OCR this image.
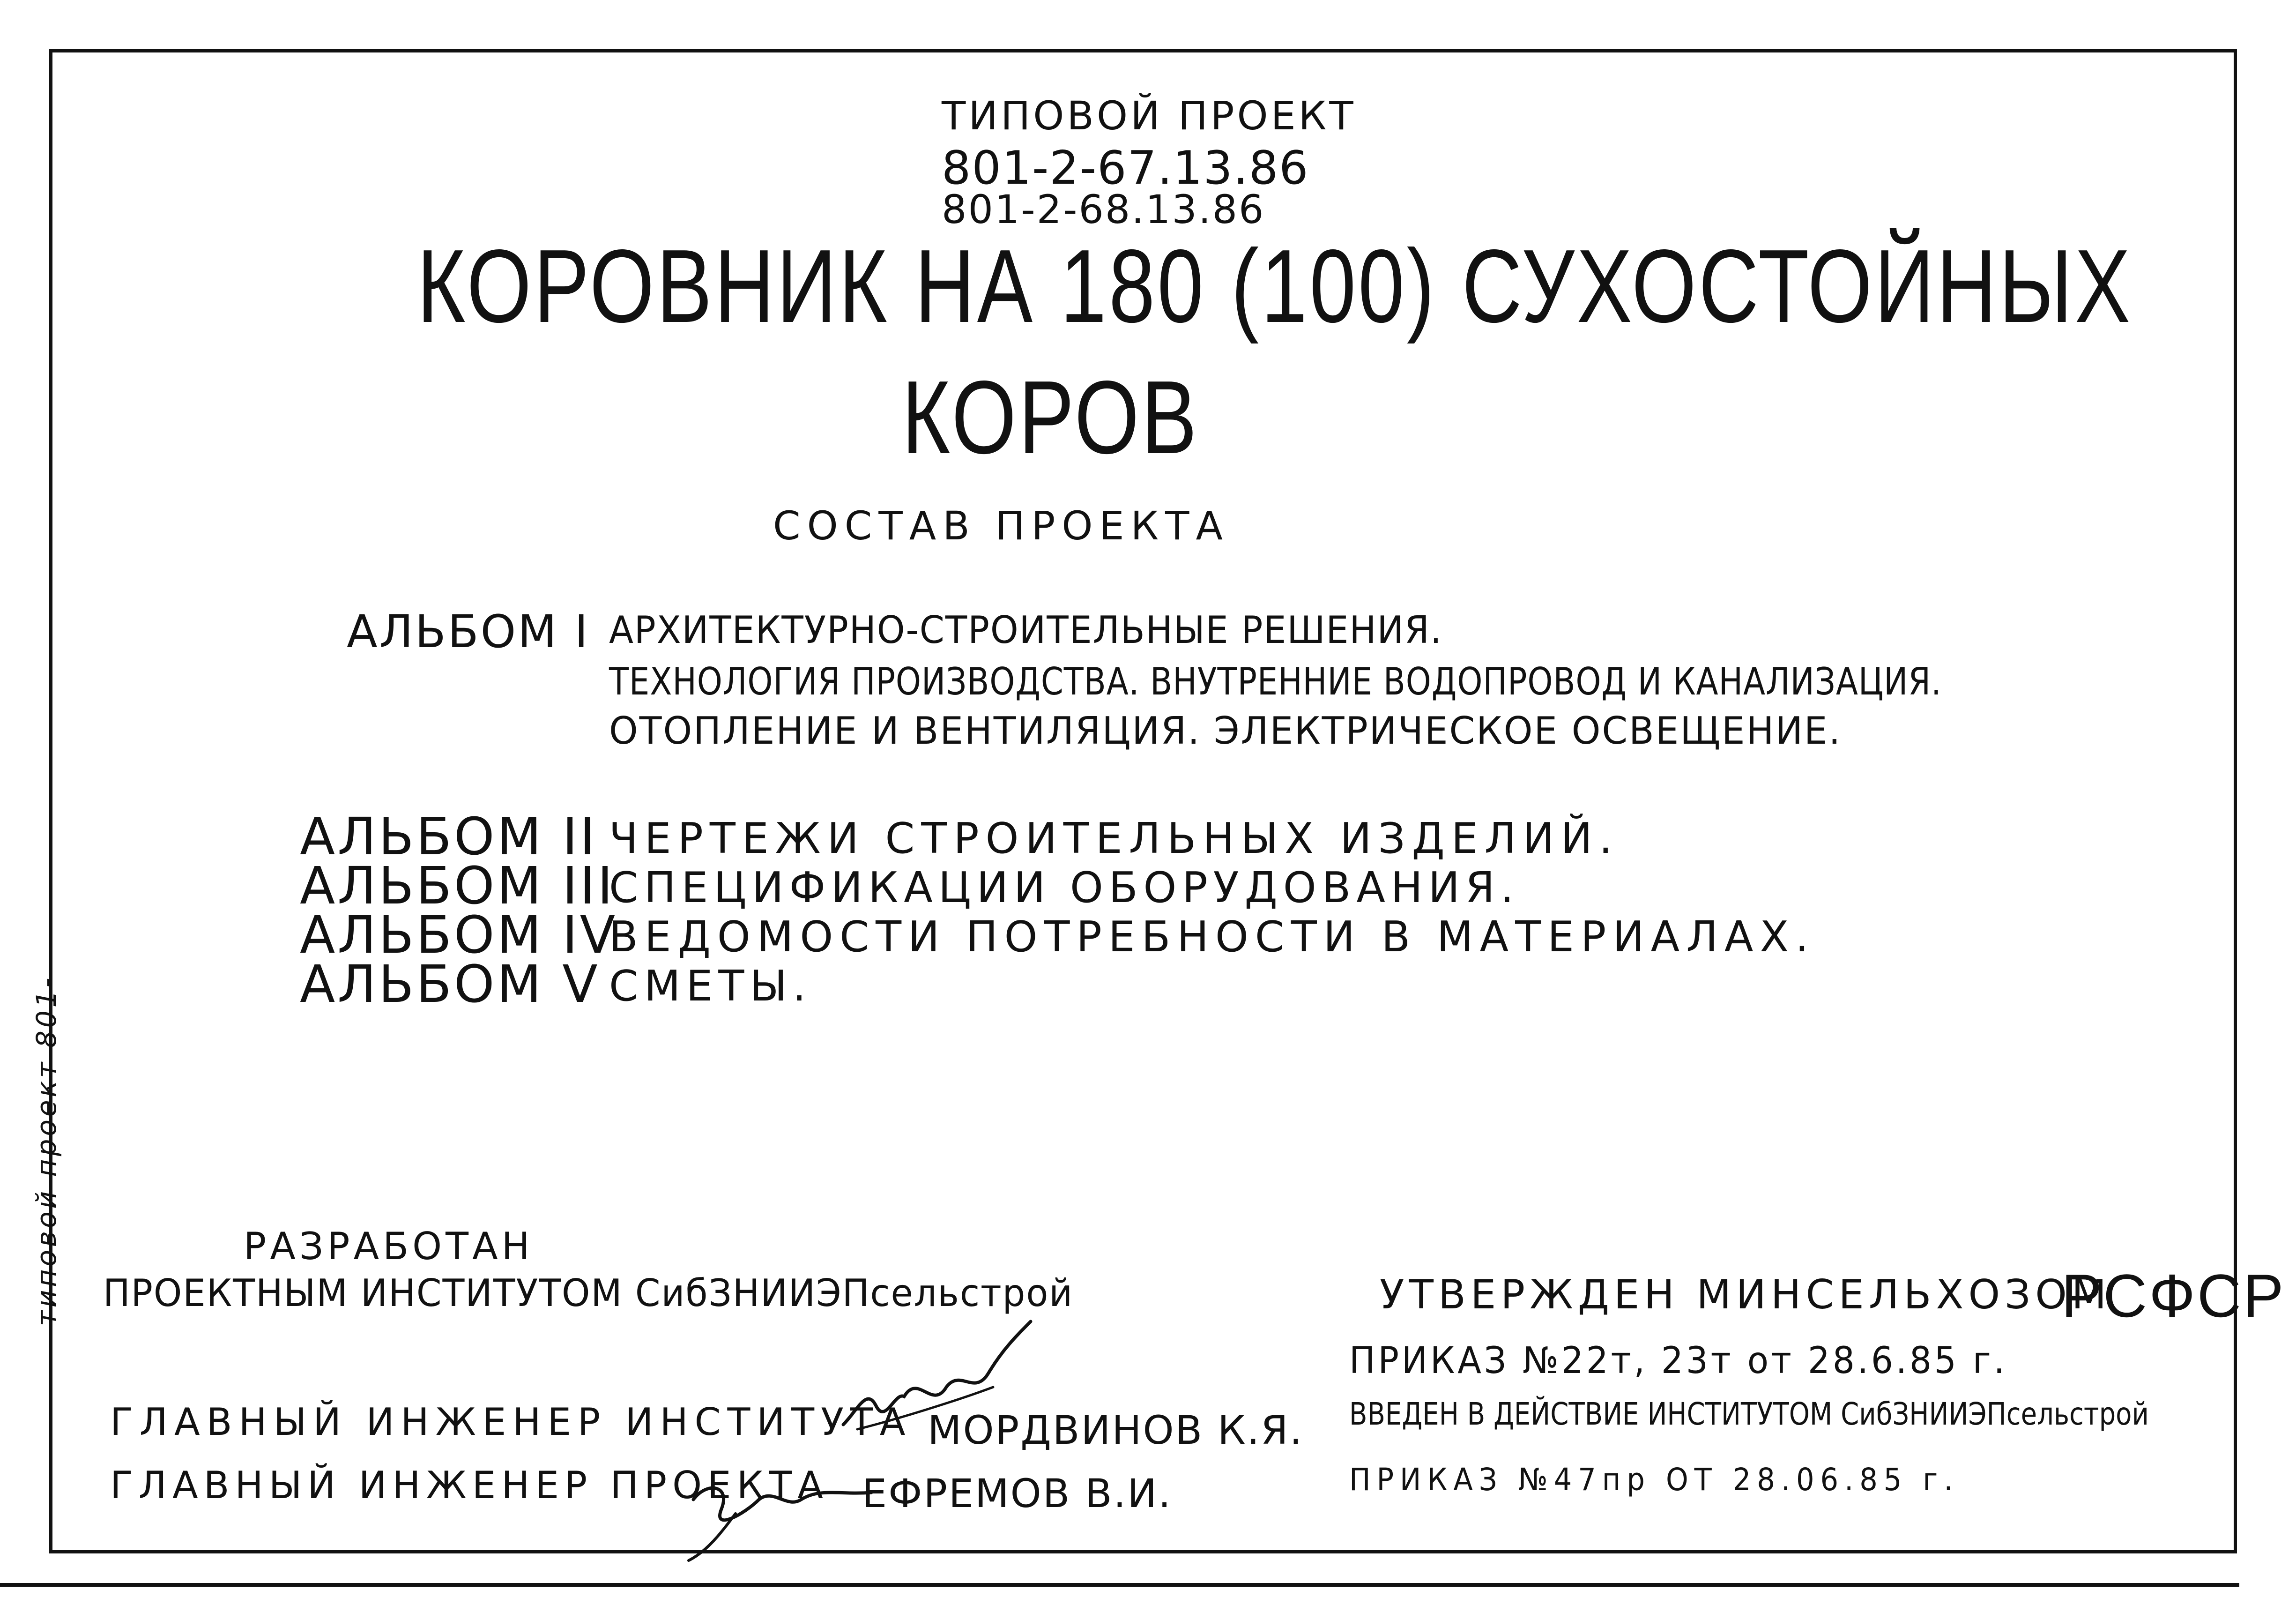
типовой проект 801-
ТИПОВОЙ ПРОЕКТ
801-2-67.13.86
801-2-68.13.86
КОРОВНИК НА 180 (100) СУХОСТОЙНЫХ
КОРОВ
СОСТАВ ПРОЕКТА
АЛЬБОМ I АРХИТЕКТУРНО-СТРОИТЕЛЬНЫЕ РЕШЕНИЯ.
ТЕХНОЛОГИЯ ПРОИЗВОДСТВА. ВНУТРЕННИЕ ВОДОПРОВОД И КАНАЛИЗАЦИЯ.
ОТОПЛЕНИЕ И ВЕНТИЛЯЦИЯ. ЭЛЕКТРИЧЕСКОЕ ОСВЕЩЕНИЕ.
АЛЬБОМ II ЧЕРТЕЖИ СТРОИТЕЛЬНЫХ ИЗДЕЛИЙ.
АЛЬБОМ III
СПЕЦИФИКАЦИИ ОБОРУДОВАНИЯ.
АЛЬБОМ IV
ВЕДОМОСТИ ПОТРЕБНОСТИ В МАТЕРИАЛАХ.
АЛЬБОМ V СМЕТЫ.
РАЗРАБОТАН
ПРОЕКТНЫМ ИНСТИТУТОМ СибЗНИИЭПсельстрой
ГЛАВНЫЙ ИНЖЕНЕР ИНСТИТУТА МОРДВИНОВ К.Я.
ГЛАВНЫЙ ИНЖЕНЕР ПРОЕКТА ЕФРЕМОВ В.И.
УТВЕРЖДЕН МИНСЕЛЬХОЗОМ
РСФСР
ПРИКАЗ №22т, 23т от 28.6.85 г.
ВВЕДЕН В ДЕЙСТВИЕ ИНСТИТУТОМ СибЗНИИЭПсельстрой
ПРИКАЗ №47пр ОТ 28.06.85 г.
